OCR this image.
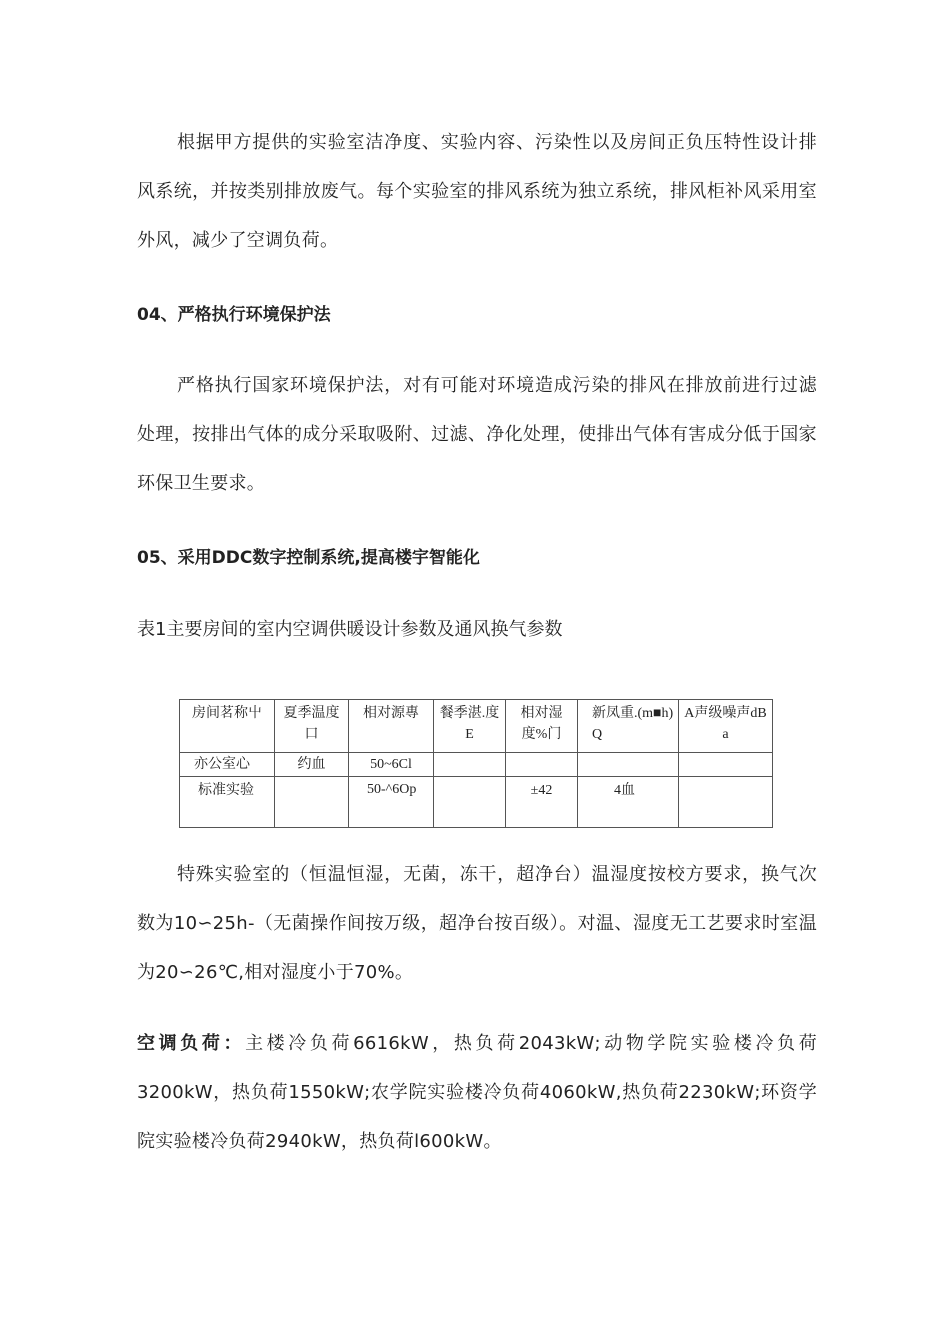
根据甲方提供的实验室洁净度、实验内容、污染性以及房间正负压特性设计排风系统，并按类别排放废气。每个实验室的排风系统为独立系统，排风柜补风采用室外风，减少了空调负荷。

04、严格执行环境保护法

严格执行国家环境保护法，对有可能对环境造成污染的排风在排放前进行过滤处理，按排出气体的成分采取吸附、过滤、净化处理，使排出气体有害成分低于国家环保卫生要求。

05、采用DDC数字控制系统,提高楼宇智能化

表1主要房间的室内空调供暖设计参数及通风换气参数

房间茗称屮	夏季温度口	相对源專	餐季湛.度E	相对湿度%门	新凤重.(m■h)Q	A声级噪声dBa
亦公室心	约血	50~6Cl				
标准实验		50-^6Op		±42	4血	

特殊实验室的（恒温恒湿，无菌，冻干，超净台）温湿度按校方要求，换气次数为10∽25h-（无菌操作间按万级，超净台按百级）。对温、湿度无工艺要求时室温为20∽26℃,相对湿度小于70%。

空调负荷：主楼冷负荷6616kW，热负荷2043kW;动物学院实验楼冷负荷3200kW，热负荷1550kW;农学院实验楼冷负荷4060kW,热负荷2230kW;环资学院实验楼冷负荷2940kW，热负荷l600kW。
